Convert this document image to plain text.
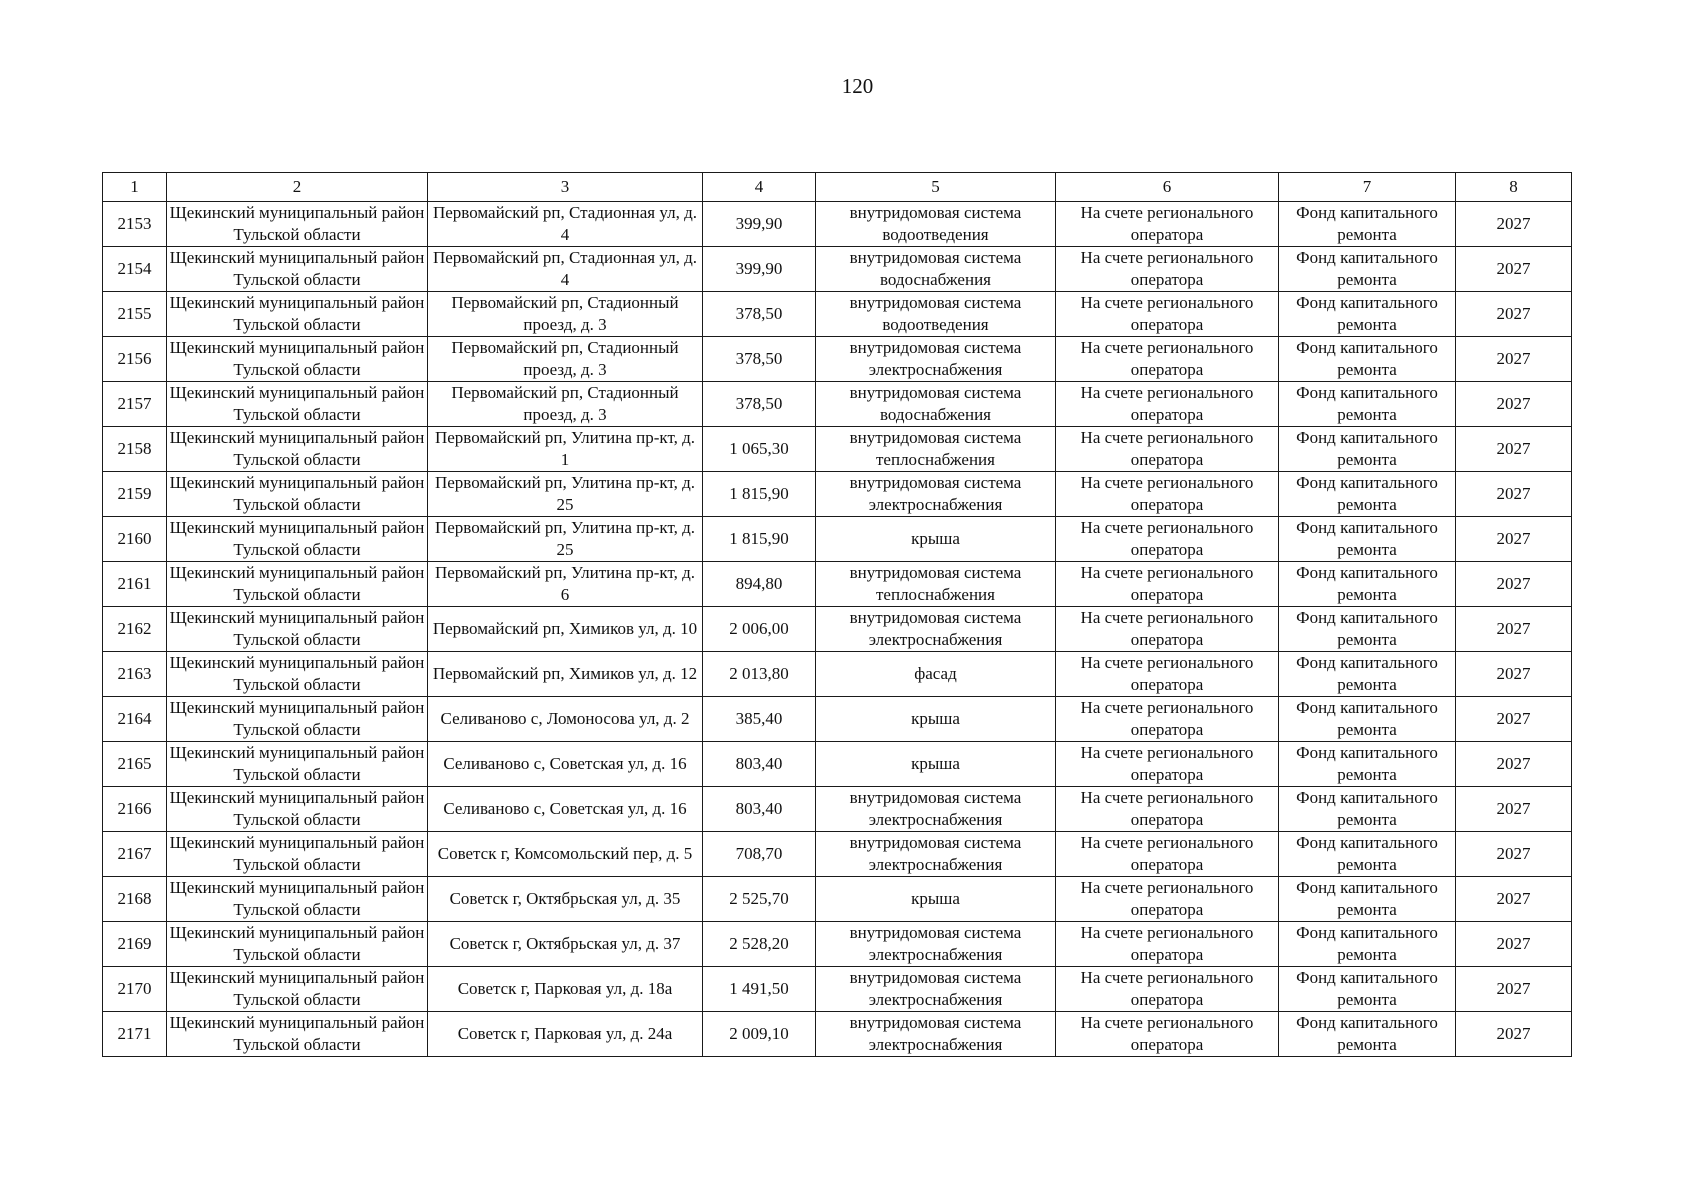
120
1	2	3	4	5	6	7	8
2153	Щекинский муниципальный район Тульской области	Первомайский рп, Стадионная ул, д. 4	399,90	внутридомовая система водоотведения	На счете регионального оператора	Фонд капитального ремонта	2027
2154	Щекинский муниципальный район Тульской области	Первомайский рп, Стадионная ул, д. 4	399,90	внутридомовая система водоснабжения	На счете регионального оператора	Фонд капитального ремонта	2027
2155	Щекинский муниципальный район Тульской области	Первомайский рп, Стадионный проезд, д. 3	378,50	внутридомовая система водоотведения	На счете регионального оператора	Фонд капитального ремонта	2027
2156	Щекинский муниципальный район Тульской области	Первомайский рп, Стадионный проезд, д. 3	378,50	внутридомовая система электроснабжения	На счете регионального оператора	Фонд капитального ремонта	2027
2157	Щекинский муниципальный район Тульской области	Первомайский рп, Стадионный проезд, д. 3	378,50	внутридомовая система водоснабжения	На счете регионального оператора	Фонд капитального ремонта	2027
2158	Щекинский муниципальный район Тульской области	Первомайский рп, Улитина пр-кт, д. 1	1 065,30	внутридомовая система теплоснабжения	На счете регионального оператора	Фонд капитального ремонта	2027
2159	Щекинский муниципальный район Тульской области	Первомайский рп, Улитина пр-кт, д. 25	1 815,90	внутридомовая система электроснабжения	На счете регионального оператора	Фонд капитального ремонта	2027
2160	Щекинский муниципальный район Тульской области	Первомайский рп, Улитина пр-кт, д. 25	1 815,90	крыша	На счете регионального оператора	Фонд капитального ремонта	2027
2161	Щекинский муниципальный район Тульской области	Первомайский рп, Улитина пр-кт, д. 6	894,80	внутридомовая система теплоснабжения	На счете регионального оператора	Фонд капитального ремонта	2027
2162	Щекинский муниципальный район Тульской области	Первомайский рп, Химиков ул, д. 10	2 006,00	внутридомовая система электроснабжения	На счете регионального оператора	Фонд капитального ремонта	2027
2163	Щекинский муниципальный район Тульской области	Первомайский рп, Химиков ул, д. 12	2 013,80	фасад	На счете регионального оператора	Фонд капитального ремонта	2027
2164	Щекинский муниципальный район Тульской области	Селиваново с, Ломоносова ул, д. 2	385,40	крыша	На счете регионального оператора	Фонд капитального ремонта	2027
2165	Щекинский муниципальный район Тульской области	Селиваново с, Советская ул, д. 16	803,40	крыша	На счете регионального оператора	Фонд капитального ремонта	2027
2166	Щекинский муниципальный район Тульской области	Селиваново с, Советская ул, д. 16	803,40	внутридомовая система электроснабжения	На счете регионального оператора	Фонд капитального ремонта	2027
2167	Щекинский муниципальный район Тульской области	Советск г, Комсомольский пер, д. 5	708,70	внутридомовая система электроснабжения	На счете регионального оператора	Фонд капитального ремонта	2027
2168	Щекинский муниципальный район Тульской области	Советск г, Октябрьская ул, д. 35	2 525,70	крыша	На счете регионального оператора	Фонд капитального ремонта	2027
2169	Щекинский муниципальный район Тульской области	Советск г, Октябрьская ул, д. 37	2 528,20	внутридомовая система электроснабжения	На счете регионального оператора	Фонд капитального ремонта	2027
2170	Щекинский муниципальный район Тульской области	Советск г, Парковая ул, д. 18а	1 491,50	внутридомовая система электроснабжения	На счете регионального оператора	Фонд капитального ремонта	2027
2171	Щекинский муниципальный район Тульской области	Советск г, Парковая ул, д. 24а	2 009,10	внутридомовая система электроснабжения	На счете регионального оператора	Фонд капитального ремонта	2027
